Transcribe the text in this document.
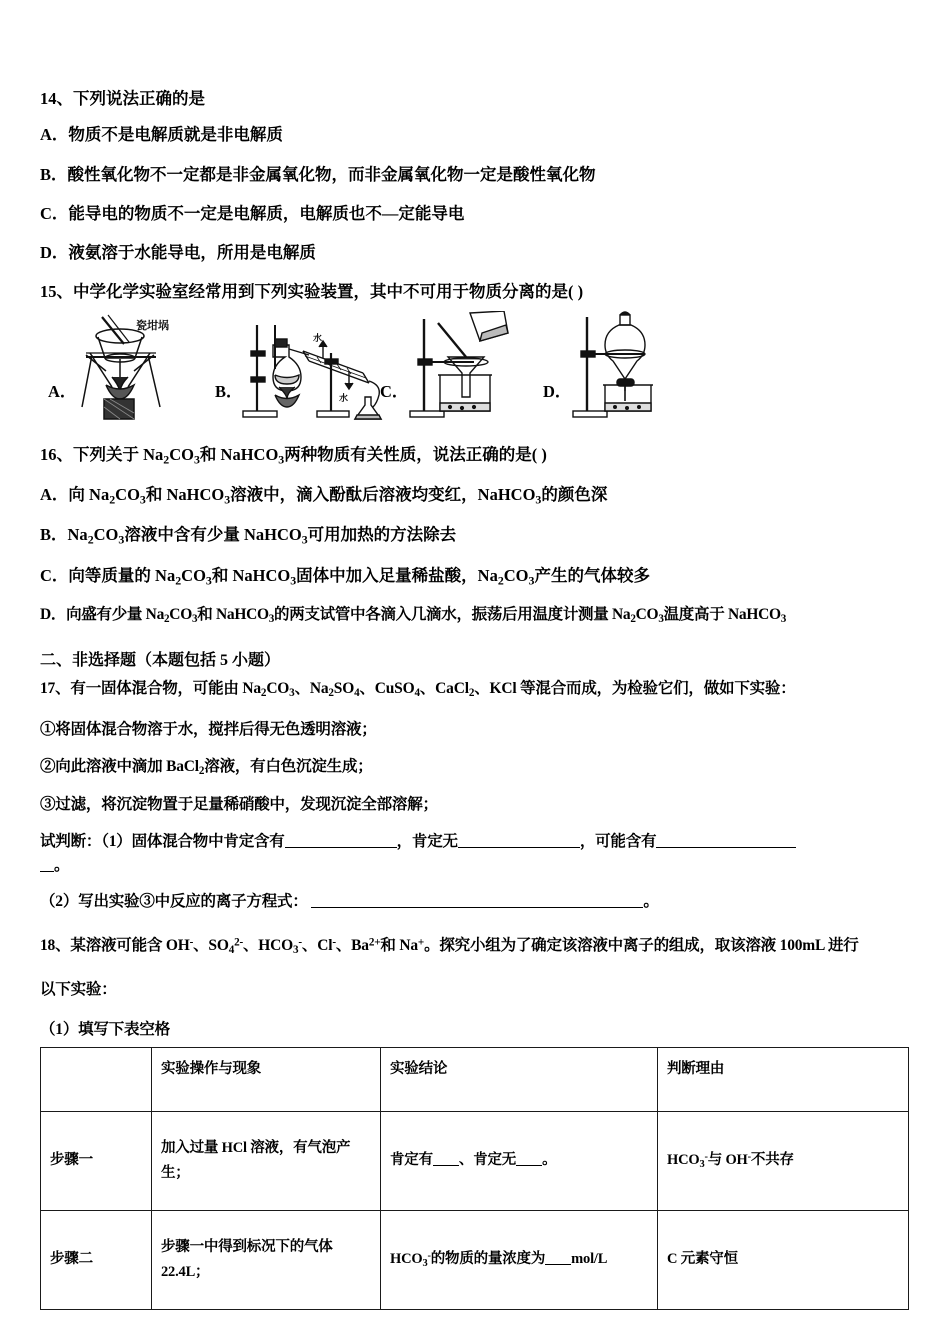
14、下列说法正确的是
A．物质不是电解质就是非电解质
B．酸性氧化物不一定都是非金属氧化物，而非金属氧化物一定是酸性氧化物
C．能导电的物质不一定是电解质，电解质也不—定能导电
D．液氨溶于水能导电，所用是电解质
15、中学化学实验室经常用到下列实验装置，其中不可用于物质分离的是( )
A．
瓷坩埚
B．
水
水 C．	D．
16、下列关于 $Na_2CO_3$和 NaHCO$_3$两种物质有关性质，说法正确的是( )
A．向 $Na_2CO_3$和 NaHCO$_3$溶液中，滴入酚酞后溶液均变红，NaHCO$_3$的颜色深
B．$Na_2CO_3$溶液中含有少量 NaHCO$_3$可用加热的方法除去
C．向等质量的 $Na_2CO_3$和 NaHCO$_3$固体中加入足量稀盐酸，$Na_2CO_3$产生的气体较多
D．向盛有少量 $Na_2CO_3$和 NaHCO$_3$的两支试管中各滴入几滴水，振荡后用温度计测量 $Na_2CO_3$温度高于 NaHCO$_3$
二、非选择题（本题包括 5 小题）
17、有一固体混合物，可能由 $Na_2CO_3$、$Na_2SO_4$、CuSO$_4$、CaCl$_2$、KCl 等混合而成，为检验它们，做如下实验：
①将固体混合物溶于水，搅拌后得无色透明溶液；
②向此溶液中滴加 BaCl$_2$溶液，有白色沉淀生成；
③过滤，将沉淀物置于足量稀硝酸中，发现沉淀全部溶解；
试判断：（1）固体混合物中肯定含有	，肯定无	，可能含有
。
（2）写出实验③中反应的离子方程式：	。
18、某溶液可能含 OH-、$SO_4^{2-}$、$HCO_3^-$、Cl-、$Ba^{2+}$和 Na+。探究小组为了确定该溶液中离子的组成，取该溶液 100mL 进行
以下实验：
（1）填写下表空格
	实验操作与现象	实验结论	判断理由
步骤一	加入过量 HCl 溶液，有气泡产生；	肯定有 、肯定无 。	$HCO_3^-$与 OH-不共存
步骤二	步骤一中得到标况下的气体 22.4L；	$HCO_3^-$的物质的量浓度为 mol/L	C 元素守恒
